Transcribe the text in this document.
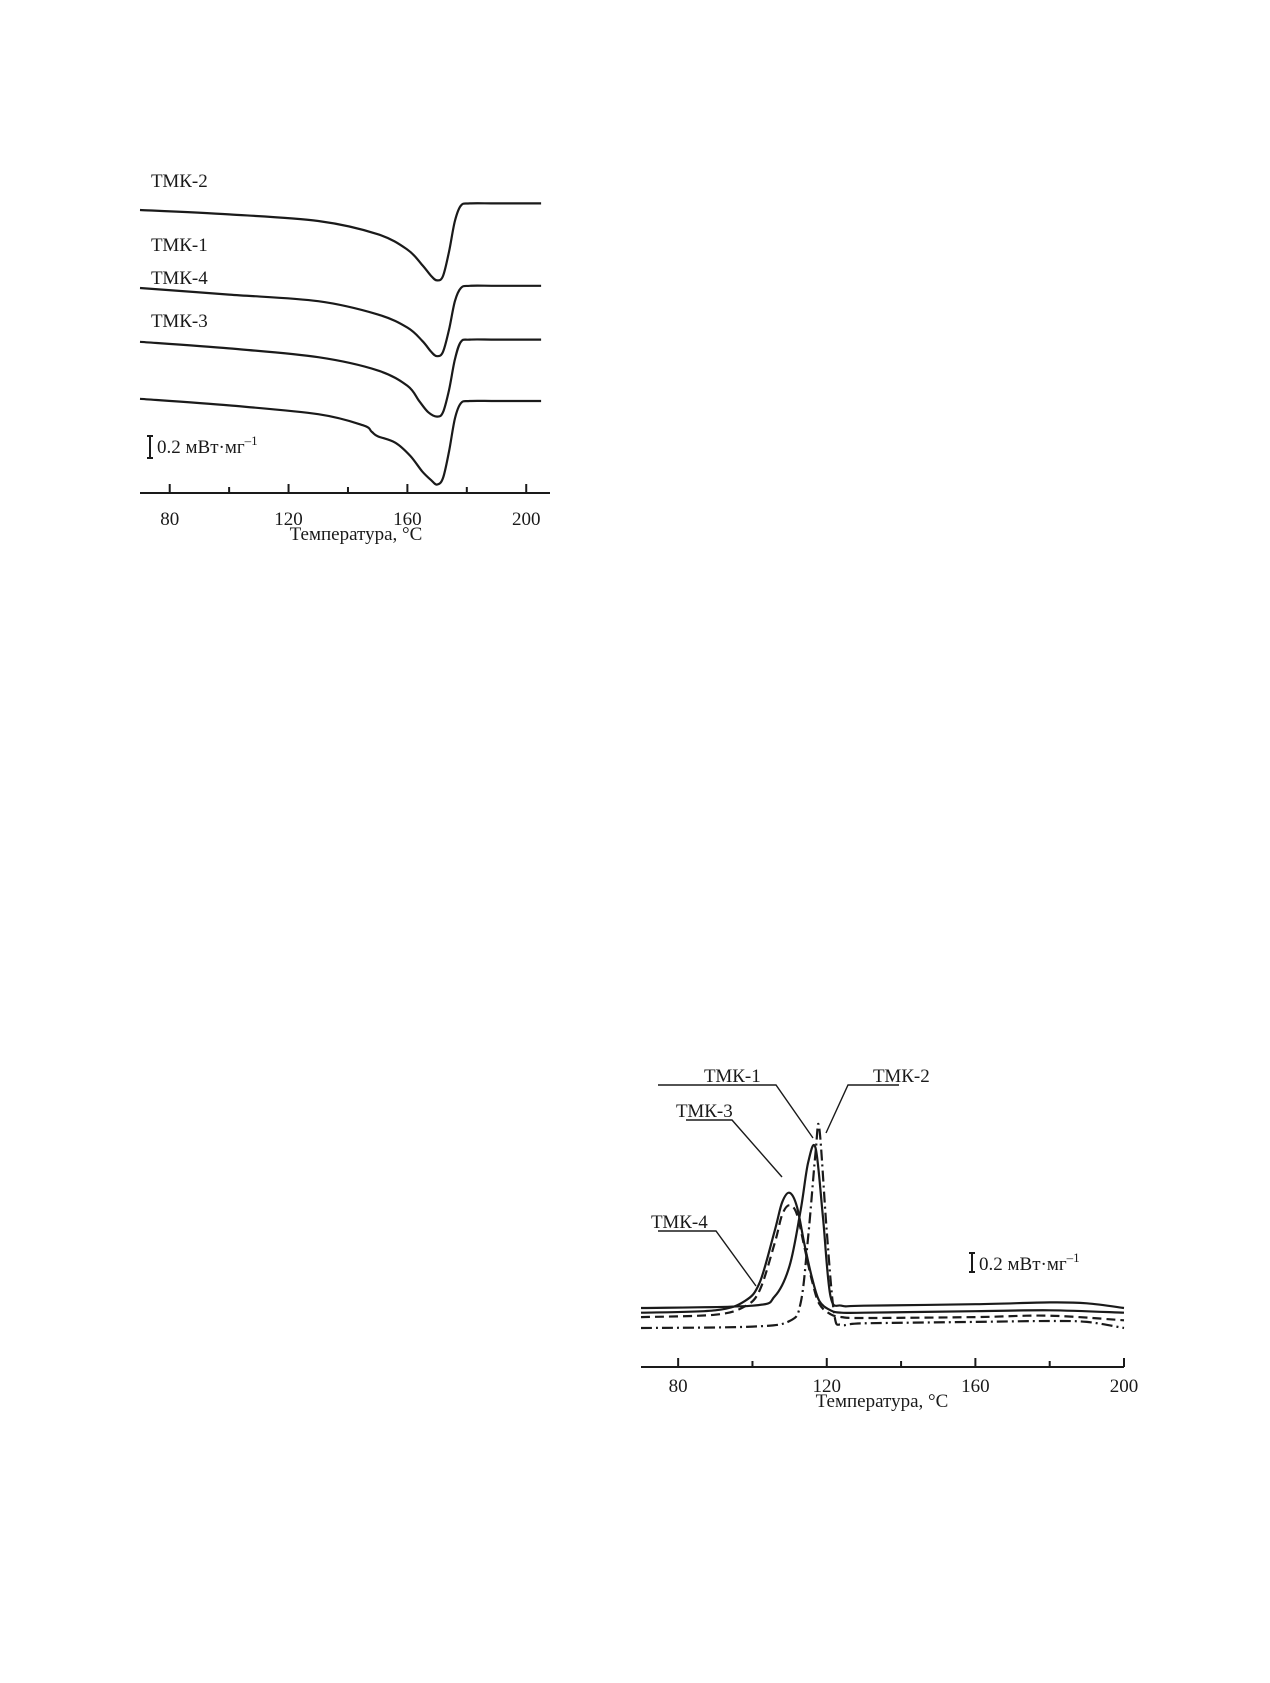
80	120	160	200
Температура, °C
0.2 $мВт\cdot мг^{-1}$
ТМК-2
ТМК-1
ТМК-4
ТМК-3
80	120	160	200
Температура, °C
0.2 $мВт\cdot мг^{-1}$
ТМК-1	ТМК-2
ТМК-3
ТМК-4
